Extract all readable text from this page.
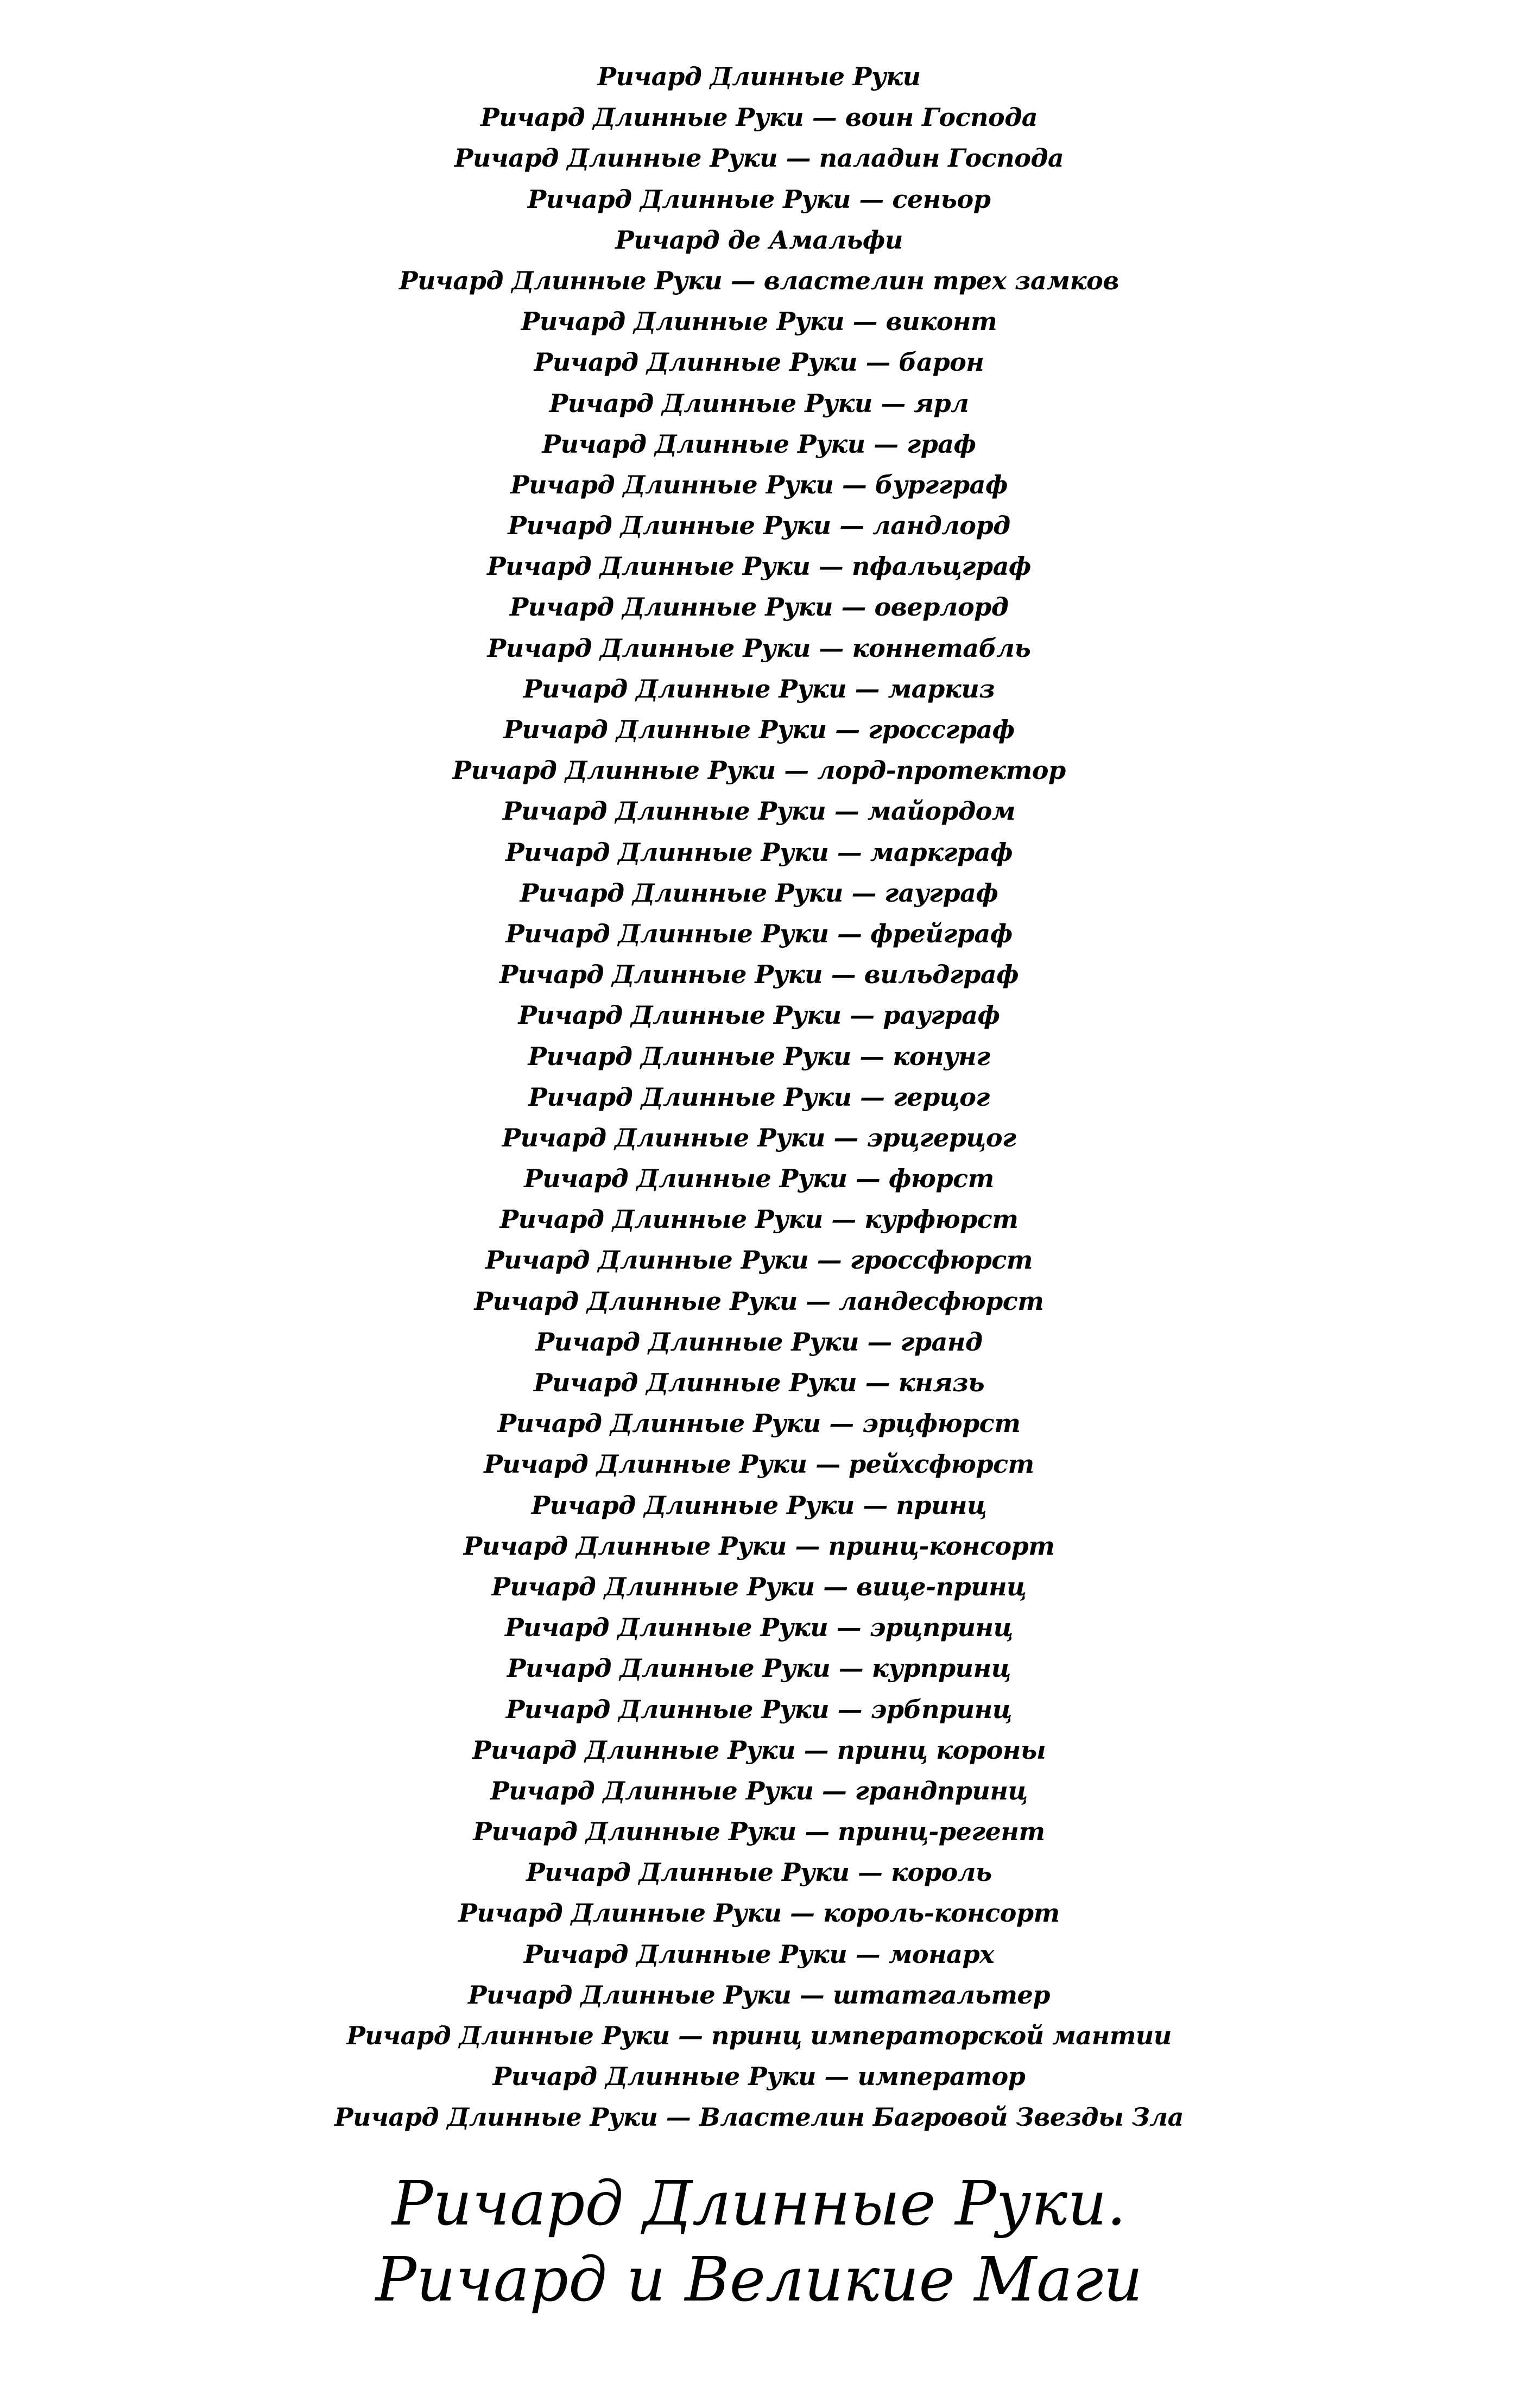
Ричард Длинные Руки
Ричард Длинные Руки — воин Господа
Ричард Длинные Руки — паладин Господа
Ричард Длинные Руки — сеньор
Ричард де Амальфи
Ричард Длинные Руки — властелин трех замков
Ричард Длинные Руки — виконт
Ричард Длинные Руки — барон
Ричард Длинные Руки — ярл
Ричард Длинные Руки — граф
Ричард Длинные Руки — бургграф
Ричард Длинные Руки — ландлорд
Ричард Длинные Руки — пфальцграф
Ричард Длинные Руки — оверлорд
Ричард Длинные Руки — коннетабль
Ричард Длинные Руки — маркиз
Ричард Длинные Руки — гроссграф
Ричард Длинные Руки — лорд-протектор
Ричард Длинные Руки — майордом
Ричард Длинные Руки — маркграф
Ричард Длинные Руки — гауграф
Ричард Длинные Руки — фрейграф
Ричард Длинные Руки — вильдграф
Ричард Длинные Руки — рауграф
Ричард Длинные Руки — конунг
Ричард Длинные Руки — герцог
Ричард Длинные Руки — эрцгерцог
Ричард Длинные Руки — фюрст
Ричард Длинные Руки — курфюрст
Ричард Длинные Руки — гроссфюрст
Ричард Длинные Руки — ландесфюрст
Ричард Длинные Руки — гранд
Ричард Длинные Руки — князь
Ричард Длинные Руки — эрцфюрст
Ричард Длинные Руки — рейхсфюрст
Ричард Длинные Руки — принц
Ричард Длинные Руки — принц-консорт
Ричард Длинные Руки — вице-принц
Ричард Длинные Руки — эрцпринц
Ричард Длинные Руки — курпринц
Ричард Длинные Руки — эрбпринц
Ричард Длинные Руки — принц короны
Ричард Длинные Руки — грандпринц
Ричард Длинные Руки — принц-регент
Ричард Длинные Руки — король
Ричард Длинные Руки — король-консорт
Ричард Длинные Руки — монарх
Ричард Длинные Руки — штатгальтер
Ричард Длинные Руки — принц императорской мантии
Ричард Длинные Руки — император
Ричард Длинные Руки — Властелин Багровой Звезды Зла
Ричард Длинные Руки.
Ричард и Великие Маги
